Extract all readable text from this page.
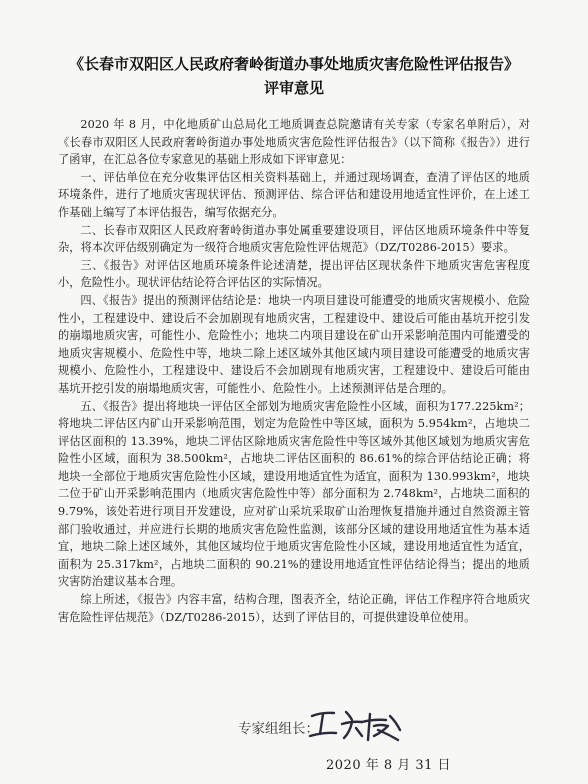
《长春市双阳区人民政府奢岭街道办事处地质灾害危险性评估报告》
评审意见

2020 年 8 月，中化地质矿山总局化工地质调查总院邀请有关专家（专家名单附后），对《长春市双阳区人民政府奢岭街道办事处地质灾害危险性评估报告》（以下简称《报告》）进行了函审，在汇总各位专家意见的基础上形成如下评审意见：

一、评估单位在充分收集评估区相关资料基础上，并通过现场调查，查清了评估区的地质环境条件，进行了地质灾害现状评估、预测评估、综合评估和建设用地适宜性评价，在上述工作基础上编写了本评估报告，编写依据充分。

二、长春市双阳区人民政府奢岭街道办事处属重要建设项目，评估区地质环境条件中等复杂，将本次评估级别确定为一级符合地质灾害危险性评估规范》（DZ/T0286-2015）要求。

三、《报告》对评估区地质环境条件论述清楚，提出评估区现状条件下地质灾害危害程度小，危险性小。现状评估结论符合评估区的实际情况。

四、《报告》提出的预测评估结论是：地块一内项目建设可能遭受的地质灾害规模小、危险性小，工程建设中、建设后不会加剧现有地质灾害，工程建设中、建设后可能由基坑开挖引发的崩塌地质灾害，可能性小、危险性小；地块二内项目建设在矿山开采影响范围内可能遭受的地质灾害规模小、危险性中等，地块二除上述区域外其他区域内项目建设可能遭受的地质灾害规模小、危险性小，工程建设中、建设后不会加剧现有地质灾害，工程建设中、建设后可能由基坑开挖引发的崩塌地质灾害，可能性小、危险性小。上述预测评估是合理的。

五、《报告》提出将地块一评估区全部划为地质灾害危险性小区域，面积为177.225km²；将地块二评估区内矿山开采影响范围，划定为危险性中等区域，面积为 5.954km²，占地块二评估区面积的 13.39%，地块二评估区除地质灾害危险性中等区域外其他区域划为地质灾害危险性小区域，面积为 38.500km²，占地块二评估区面积的 86.61%的综合评估结论正确；将地块一全部位于地质灾害危险性小区域，建设用地适宜性为适宜，面积为 130.993km²，地块二位于矿山开采影响范围内（地质灾害危险性中等）部分面积为 2.748km²，占地块二面积的 9.79%，该处若进行项目开发建设，应对矿山采坑采取矿山治理恢复措施并通过自然资源主管部门验收通过，并应进行长期的地质灾害危险性监测，该部分区域的建设用地适宜性为基本适宜，地块二除上述区域外，其他区域均位于地质灾害危险性小区域，建设用地适宜性为适宜，面积为 25.317km²，占地块二面积的 90.21%的建设用地适宜性评估结论得当；提出的地质灾害防治建议基本合理。

综上所述，《报告》内容丰富，结构合理，图表齐全，结论正确，评估工作程序符合地质灾害危险性评估规范》（DZ/T0286-2015），达到了评估目的，可提供建设单位使用。

专家组组长：
2020 年 8 月 31 日
